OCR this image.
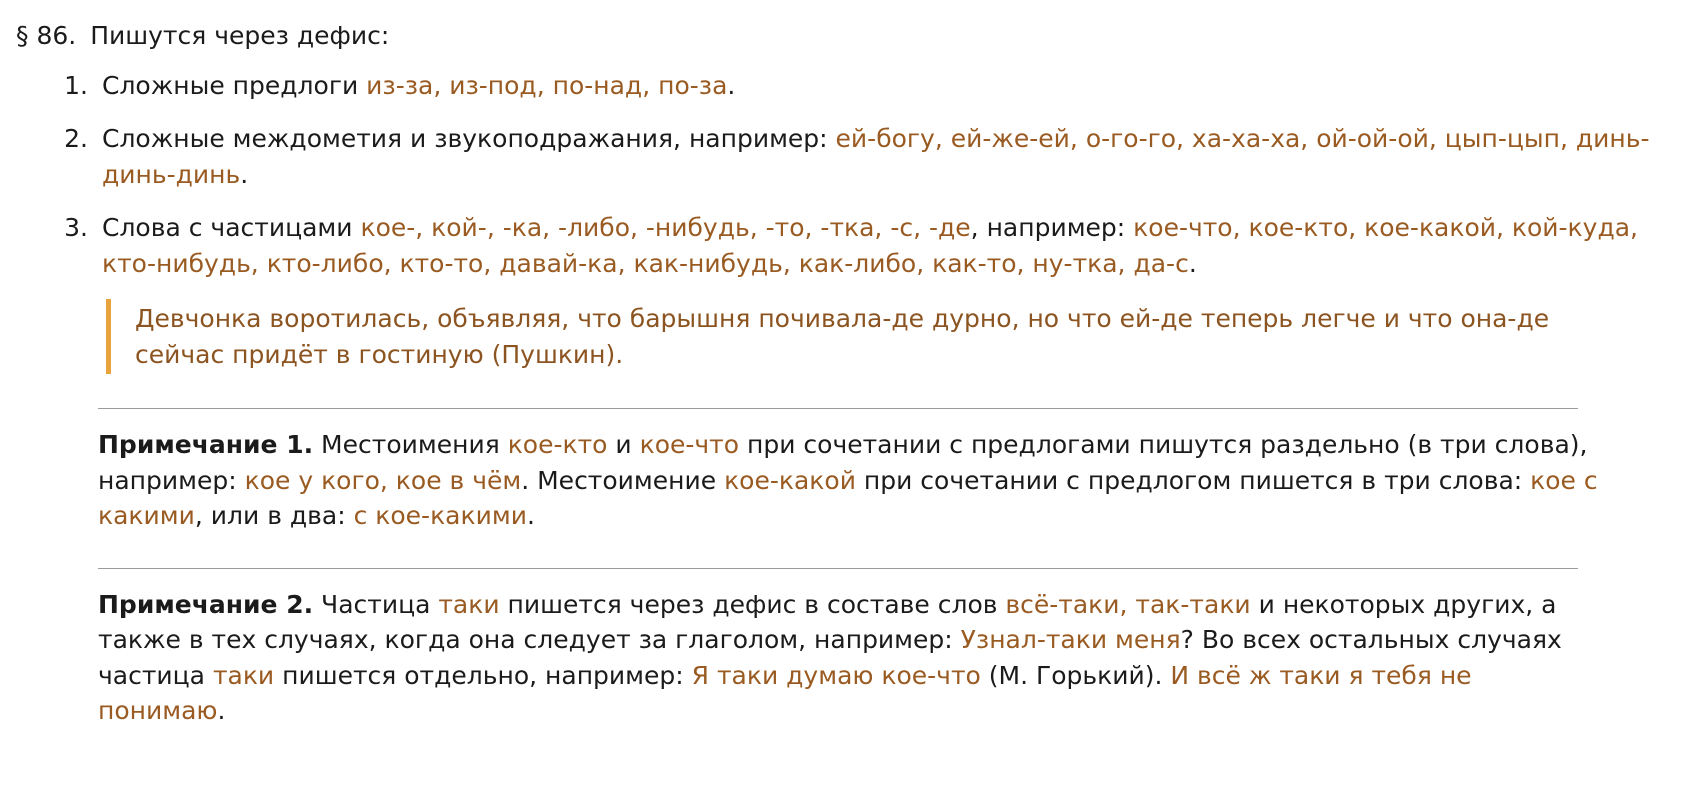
§ 86. Пишутся через дефис:
1. Сложные предлоги из-за, из-под, по-над, по-за.
2. Сложные междометия и звукоподражания, например: ей-богу, ей-же-ей, о-го-го, ха-ха-ха, ой-ой-ой, цып-цып, динь-динь-динь.
3. Слова с частицами кое-, кой-, -ка, -либо, -нибудь, -то, -тка, -с, -де, например: кое-что, кое-кто, кое-какой, кой-куда, кто-нибудь, кто-либо, кто-то, давай-ка, как-нибудь, как-либо, как-то, ну-тка, да-с.
Девчонка воротилась, объявляя, что барышня почивала-де дурно, но что ей-де теперь легче и что она-де сейчас придёт в гостиную (Пушкин).
Примечание 1. Местоимения кое-кто и кое-что при сочетании с предлогами пишутся раздельно (в три слова), например: кое у кого, кое в чём. Местоимение кое-какой при сочетании с предлогом пишется в три слова: кое с какими, или в два: с кое-какими.
Примечание 2. Частица таки пишется через дефис в составе слов всё-таки, так-таки и некоторых других, а также в тех случаях, когда она следует за глаголом, например: Узнал-таки меня? Во всех остальных случаях частица таки пишется отдельно, например: Я таки думаю кое-что (М. Горький). И всё ж таки я тебя не понимаю.
